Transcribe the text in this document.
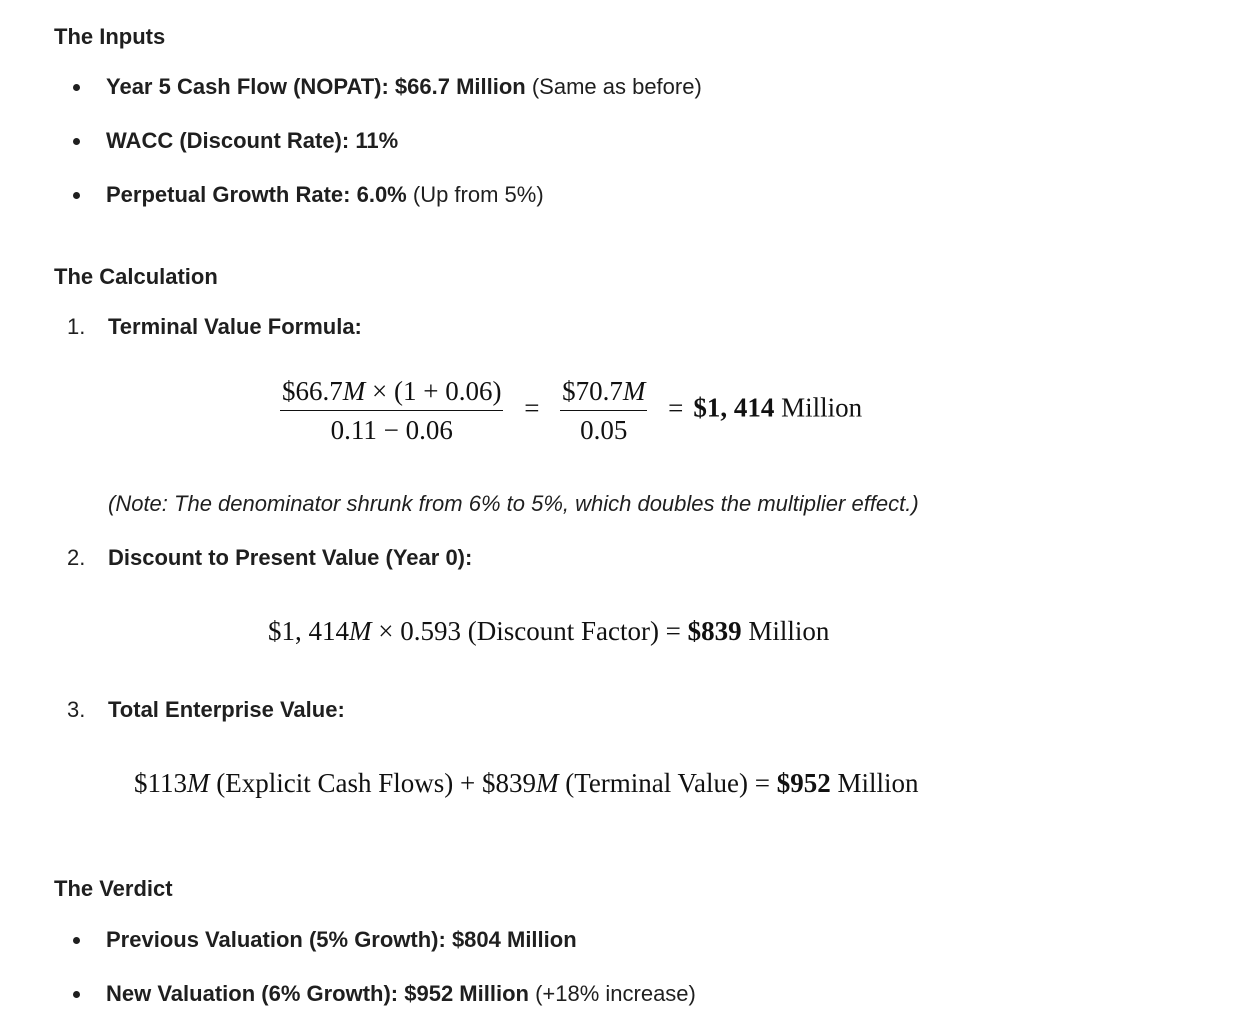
The Inputs
Year 5 Cash Flow (NOPAT): $66.7 Million (Same as before)
WACC (Discount Rate): 11%
Perpetual Growth Rate: 6.0% (Up from 5%)
The Calculation
1. Terminal Value Formula:
$\frac{\$66.7M \times (1 + 0.06)}{0.11 - 0.06} = \frac{\$70.7M}{0.05}$ = $1, 414 Million
(Note: The denominator shrunk from 6% to 5%, which doubles the multiplier effect.)
2. Discount to Present Value (Year 0):
$1, 414M × 0.593 (Discount Factor) = $839 Million
3. Total Enterprise Value:
$113M (Explicit Cash Flows) + $839M (Terminal Value) = $952 Million
The Verdict
Previous Valuation (5% Growth): $804 Million
New Valuation (6% Growth): $952 Million (+18% increase)
